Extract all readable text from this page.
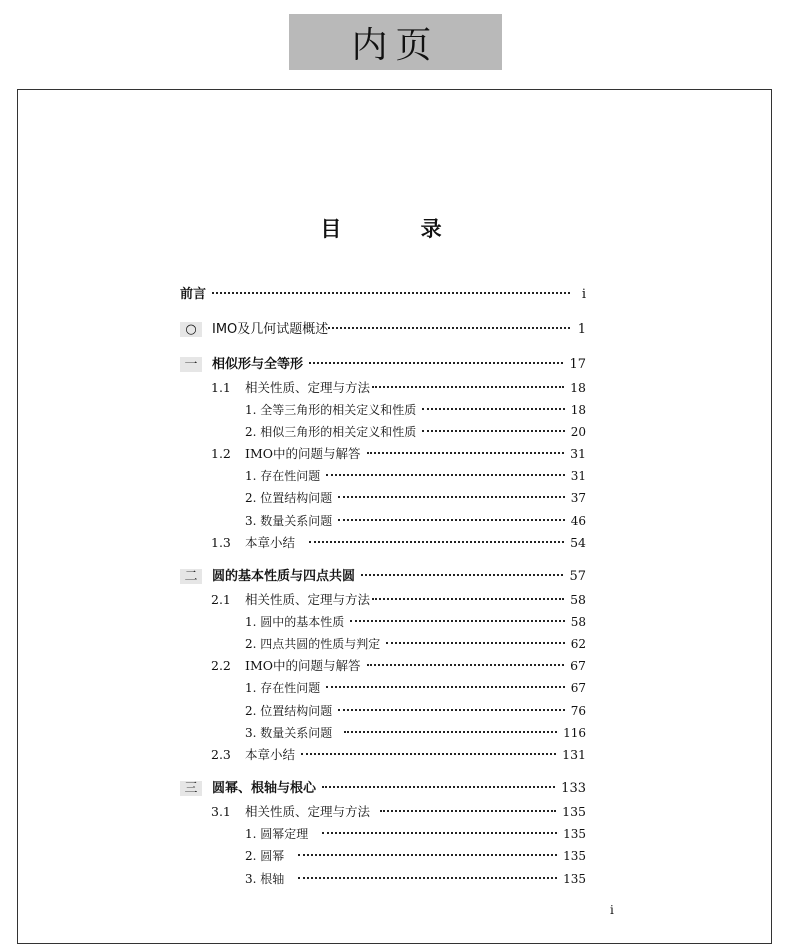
内页
目 录
前言	i
○	IMO及几何试题概述	1
一	相似形与全等形	17
1.1	相关性质、定理与方法	18
1. 全等三角形的相关定义和性质	18
2. 相似三角形的相关定义和性质	20
1.2	IMO中的问题与解答	31
1. 存在性问题	31
2. 位置结构问题	37
3. 数量关系问题	46
1.3	本章小结	54
二	圆的基本性质与四点共圆	57
2.1	相关性质、定理与方法	58
1. 圆中的基本性质	58
2. 四点共圆的性质与判定	62
2.2	IMO中的问题与解答	67
1. 存在性问题	67
2. 位置结构问题	76
3. 数量关系问题	116
2.3	本章小结	131
三	圆幂、根轴与根心	133
3.1	相关性质、定理与方法	135
1. 圆幂定理	135
2. 圆幂	135
3. 根轴	135
i
